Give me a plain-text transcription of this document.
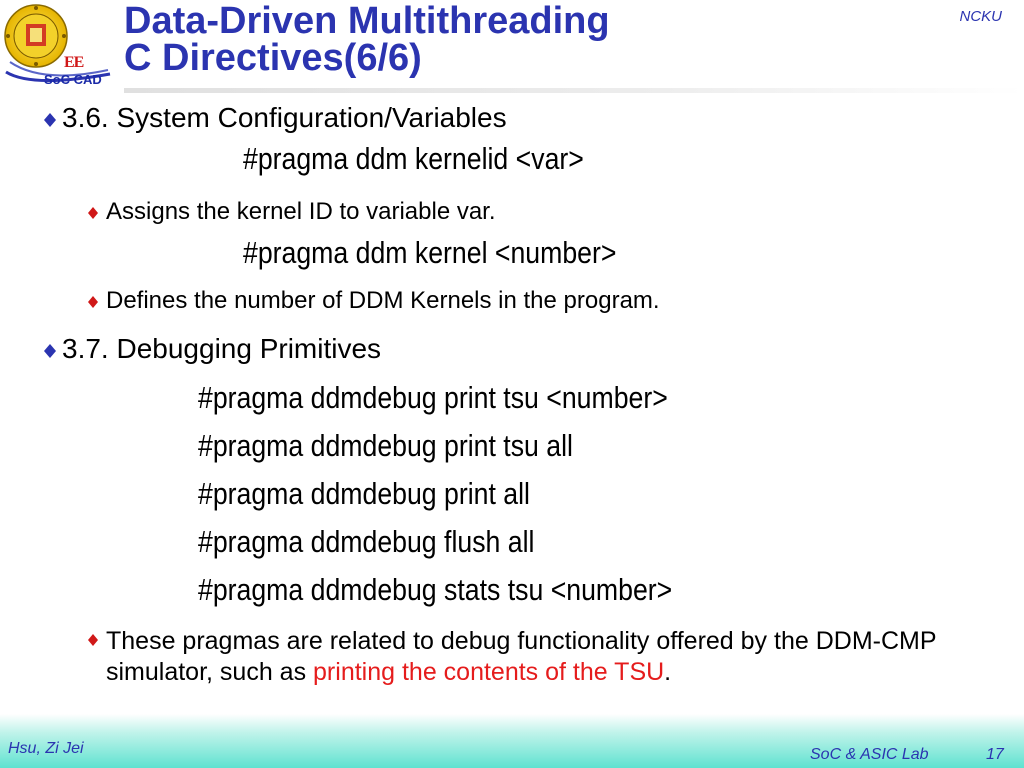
EE
SoC CAD
Data-Driven Multithreading
C Directives(6/6)
NCKU
3.6. System Configuration/Variables
#pragma ddm kernelid <var>
Assigns the kernel ID to variable var.
#pragma ddm kernel <number>
Defines the number of DDM Kernels in the program.
3.7. Debugging Primitives
#pragma ddmdebug print tsu <number>
#pragma ddmdebug print tsu all
#pragma ddmdebug print all
#pragma ddmdebug flush all
#pragma ddmdebug stats tsu <number>
These pragmas are related to debug functionality offered by the DDM-CMP simulator, such as printing the contents of the TSU.
Hsu, Zi Jei	SoC & ASIC Lab	17
